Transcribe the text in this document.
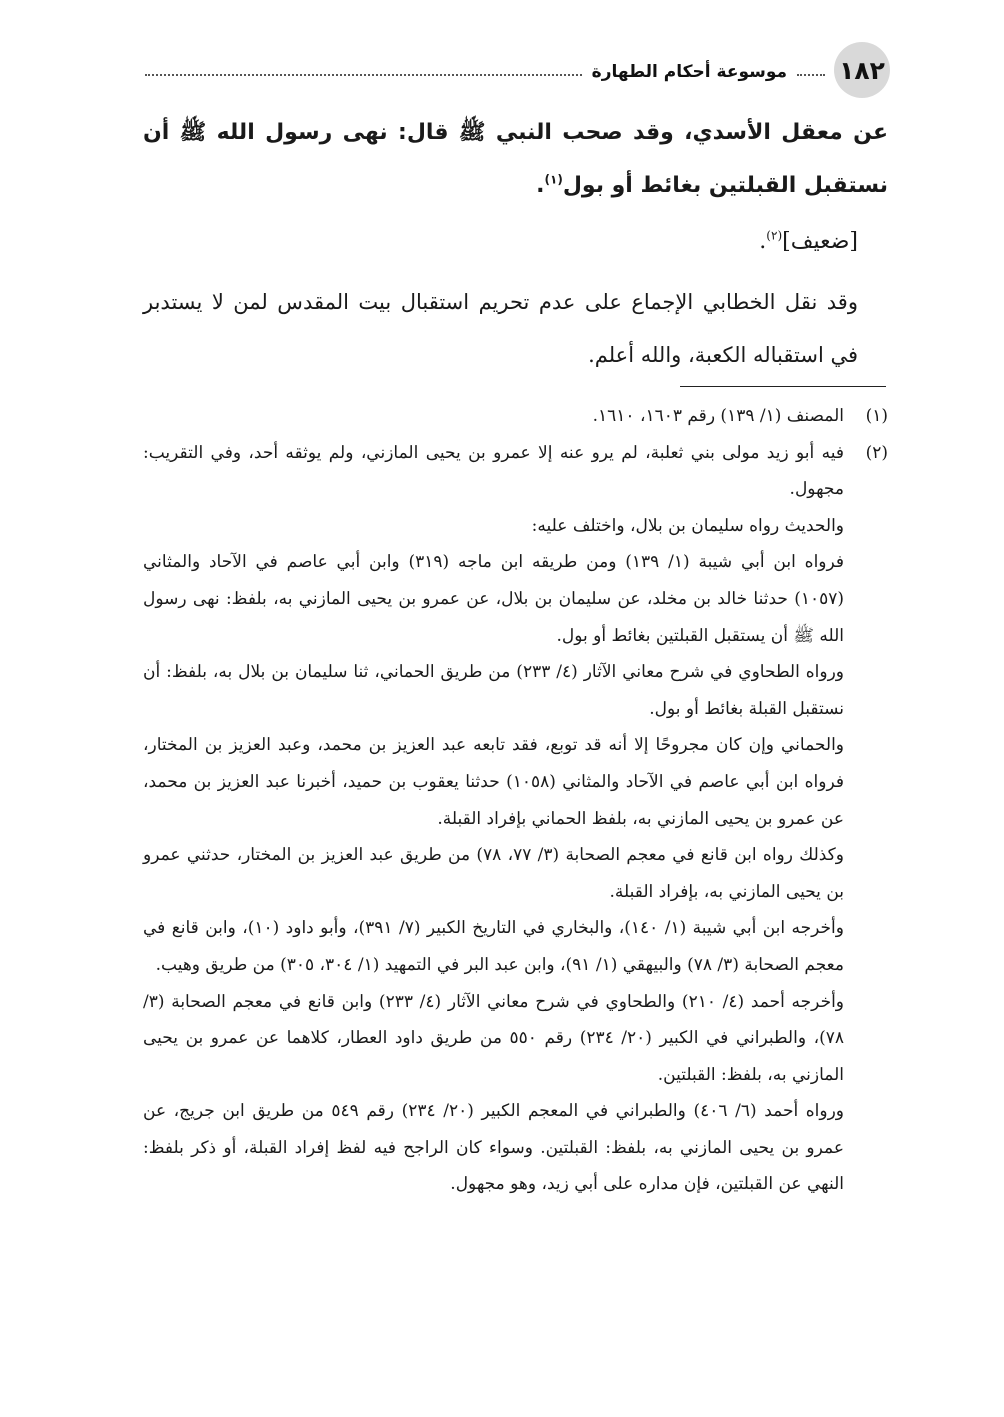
١٨٢
موسوعة أحكام الطهارة

عن معقل الأسدي، وقد صحب النبي ﷺ قال: نهى رسول الله ﷺ أن نستقبل القبلتين بغائط أو بول$^{(١)}$.

[ضعيف]$^{(٢)}$.

وقد نقل الخطابي الإجماع على عدم تحريم استقبال بيت المقدس لمن لا يستدبر في استقباله الكعبة، والله أعلم.

(١)

المصنف (١/ ١٣٩) رقم ١٦٠٣، ١٦١٠.

(٢)

فيه أبو زيد مولى بني ثعلبة، لم يرو عنه إلا عمرو بن يحيى المازني، ولم يوثقه أحد، وفي التقريب: مجهول.

والحديث رواه سليمان بن بلال، واختلف عليه:

فرواه ابن أبي شيبة (١/ ١٣٩) ومن طريقه ابن ماجه (٣١٩) وابن أبي عاصم في الآحاد والمثاني (١٠٥٧) حدثنا خالد بن مخلد، عن سليمان بن بلال، عن عمرو بن يحيى المازني به، بلفظ: نهى رسول الله ﷺ أن يستقبل القبلتين بغائط أو بول.

ورواه الطحاوي في شرح معاني الآثار (٤/ ٢٣٣) من طريق الحماني، ثنا سليمان بن بلال به، بلفظ: أن نستقبل القبلة بغائط أو بول.

والحماني وإن كان مجروحًا إلا أنه قد توبع، فقد تابعه عبد العزيز بن محمد، وعبد العزيز بن المختار، فرواه ابن أبي عاصم في الآحاد والمثاني (١٠٥٨) حدثنا يعقوب بن حميد، أخبرنا عبد العزيز بن محمد، عن عمرو بن يحيى المازني به، بلفظ الحماني بإفراد القبلة.

وكذلك رواه ابن قانع في معجم الصحابة (٣/ ٧٧، ٧٨) من طريق عبد العزيز بن المختار، حدثني عمرو بن يحيى المازني به، بإفراد القبلة.

وأخرجه ابن أبي شيبة (١/ ١٤٠)، والبخاري في التاريخ الكبير (٧/ ٣٩١)، وأبو داود (١٠)، وابن قانع في معجم الصحابة (٣/ ٧٨) والبيهقي (١/ ٩١)، وابن عبد البر في التمهيد (١/ ٣٠٤، ٣٠٥) من طريق وهيب.

وأخرجه أحمد (٤/ ٢١٠) والطحاوي في شرح معاني الآثار (٤/ ٢٣٣) وابن قانع في معجم الصحابة (٣/ ٧٨)، والطبراني في الكبير (٢٠/ ٢٣٤) رقم ٥٥٠ من طريق داود العطار، كلاهما عن عمرو بن يحيى المازني به، بلفظ: القبلتين.

ورواه أحمد (٦/ ٤٠٦) والطبراني في المعجم الكبير (٢٠/ ٢٣٤) رقم ٥٤٩ من طريق ابن جريج، عن عمرو بن يحيى المازني به، بلفظ: القبلتين. وسواء كان الراجح فيه لفظ إفراد القبلة، أو ذكر بلفظ: النهي عن القبلتين، فإن مداره على أبي زيد، وهو مجهول.
